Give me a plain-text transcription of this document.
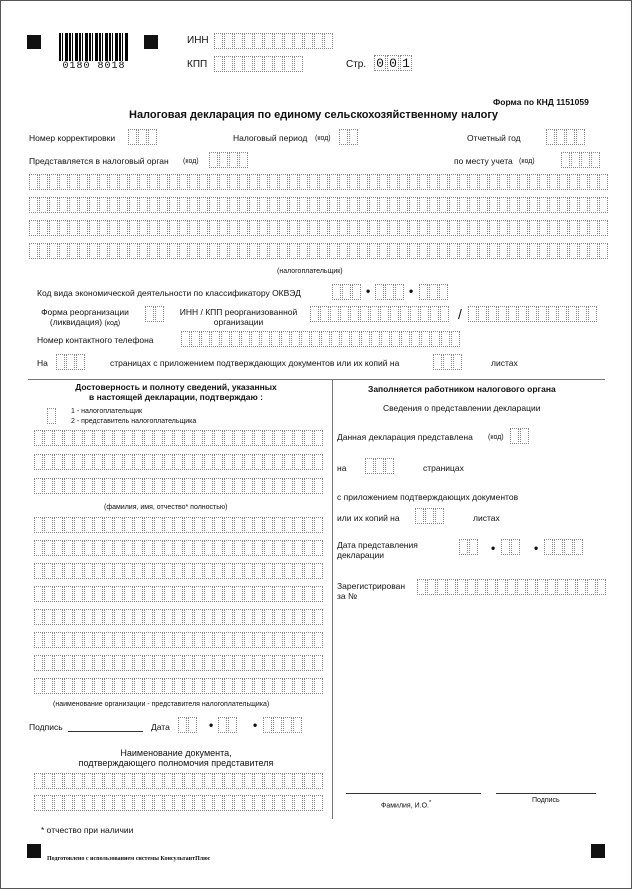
0180 8018
ИНН
КПП	Стр. 0 0 1
Форма по КНД 1151059
Налоговая декларация по единому сельскохозяйственному налогу
Номер корректировки	Налоговый период (код)	Отчетный год
Представляется в налоговый орган (код)	по месту учета (код)
(налогоплательщик)
Код вида экономической деятельности по классификатору ОКВЭД	•	•
Форма реорганизации
(ликвидация) (код)
ИНН / КПП реорганизованной
организации	/
Номер контактного телефона
На	страницах с приложением подтверждающих документов или их копий на	листах
Достоверность и полноту сведений, указанных
в настоящей декларации, подтверждаю :
1 - налогоплательщик
2 - представитель налогоплательщика
(фамилия, имя, отчество* полностью)
(наименование организации - представителя налогоплательщика)
Подпись	Дата	•	•
Наименование документа,
подтверждающего полномочия представителя
* отчество при наличии
Заполняется работником налогового органа
Сведения о представлении декларации
Данная декларация представлена (код)
на	страницах
с приложением подтверждающих документов
или их копий на	листах
Дата представления
декларации	•	•
Зарегистрирован
за №
Фамилия, И.О.*	Подпись
Подготовлено с использованием системы КонсультантПлюс
